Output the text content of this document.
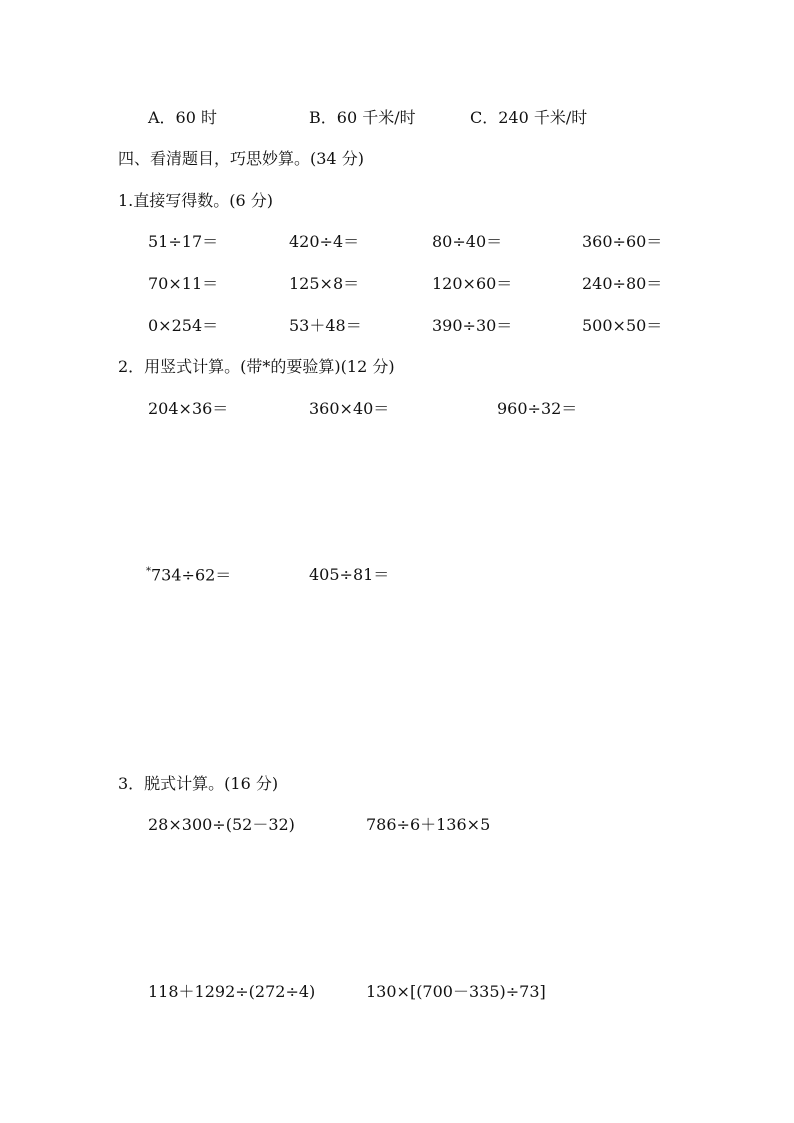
A．60 时	B．60 千米/时	C．240 千米/时
四、看清题目，巧思妙算。(34 分)
1.直接写得数。(6 分)
51÷17＝	420÷4＝	80÷40＝	360÷60＝
70×11＝	125×8＝	120×60＝	240÷80＝
0×254＝	53＋48＝	390÷30＝	500×50＝
2．用竖式计算。(带*的要验算)(12 分)
204×36＝	360×40＝	960÷32＝
*734÷62＝	405÷81＝
3．脱式计算。(16 分)
28×300÷(52－32)	786÷6＋136×5
118＋1292÷(272÷4)	130×[(700－335)÷73]
